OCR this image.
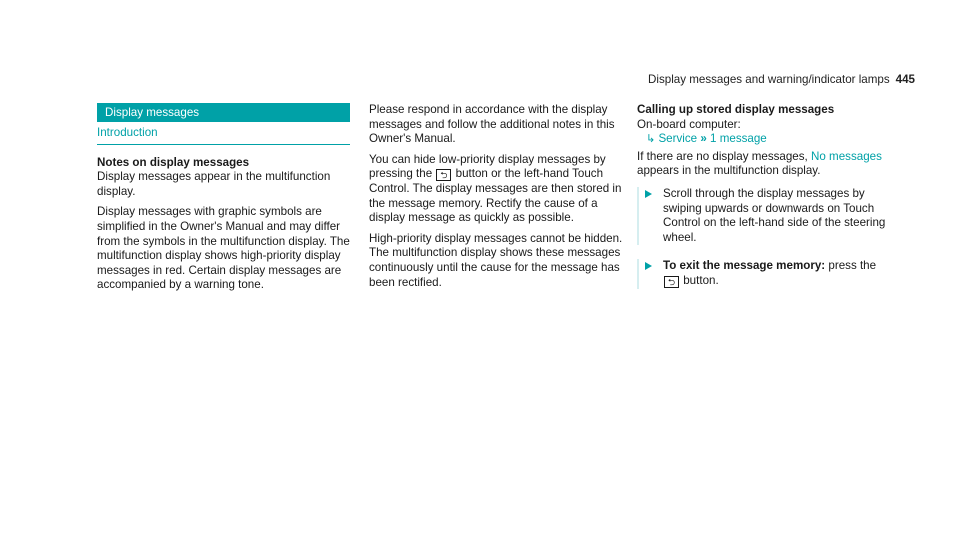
Display messages and warning/indicator lamps 445
Display messages
Introduction
Notes on display messages

Display messages appear in the multifunction display.

Display messages with graphic symbols are simplified in the Owner's Manual and may differ from the symbols in the multifunction display. The multifunction display shows high-priority display messages in red. Certain display messages are accompanied by a warning tone.

Please respond in accordance with the display messages and follow the additional notes in this Owner's Manual.

You can hide low-priority display messages by pressing the ⮌ button or the left-hand Touch Control. The display messages are then stored in the message memory. Rectify the cause of a display message as quickly as possible.

High-priority display messages cannot be hidden. The multifunction display shows these messages continuously until the cause for the message has been rectified.

Calling up stored display messages
On-board computer:
↳ Service » 1 message

If there are no display messages, No messages appears in the multifunction display.

Scroll through the display messages by swiping upwards or downwards on Touch Control on the left-hand side of the steering wheel.
To exit the message memory: press the
⮌ button.
